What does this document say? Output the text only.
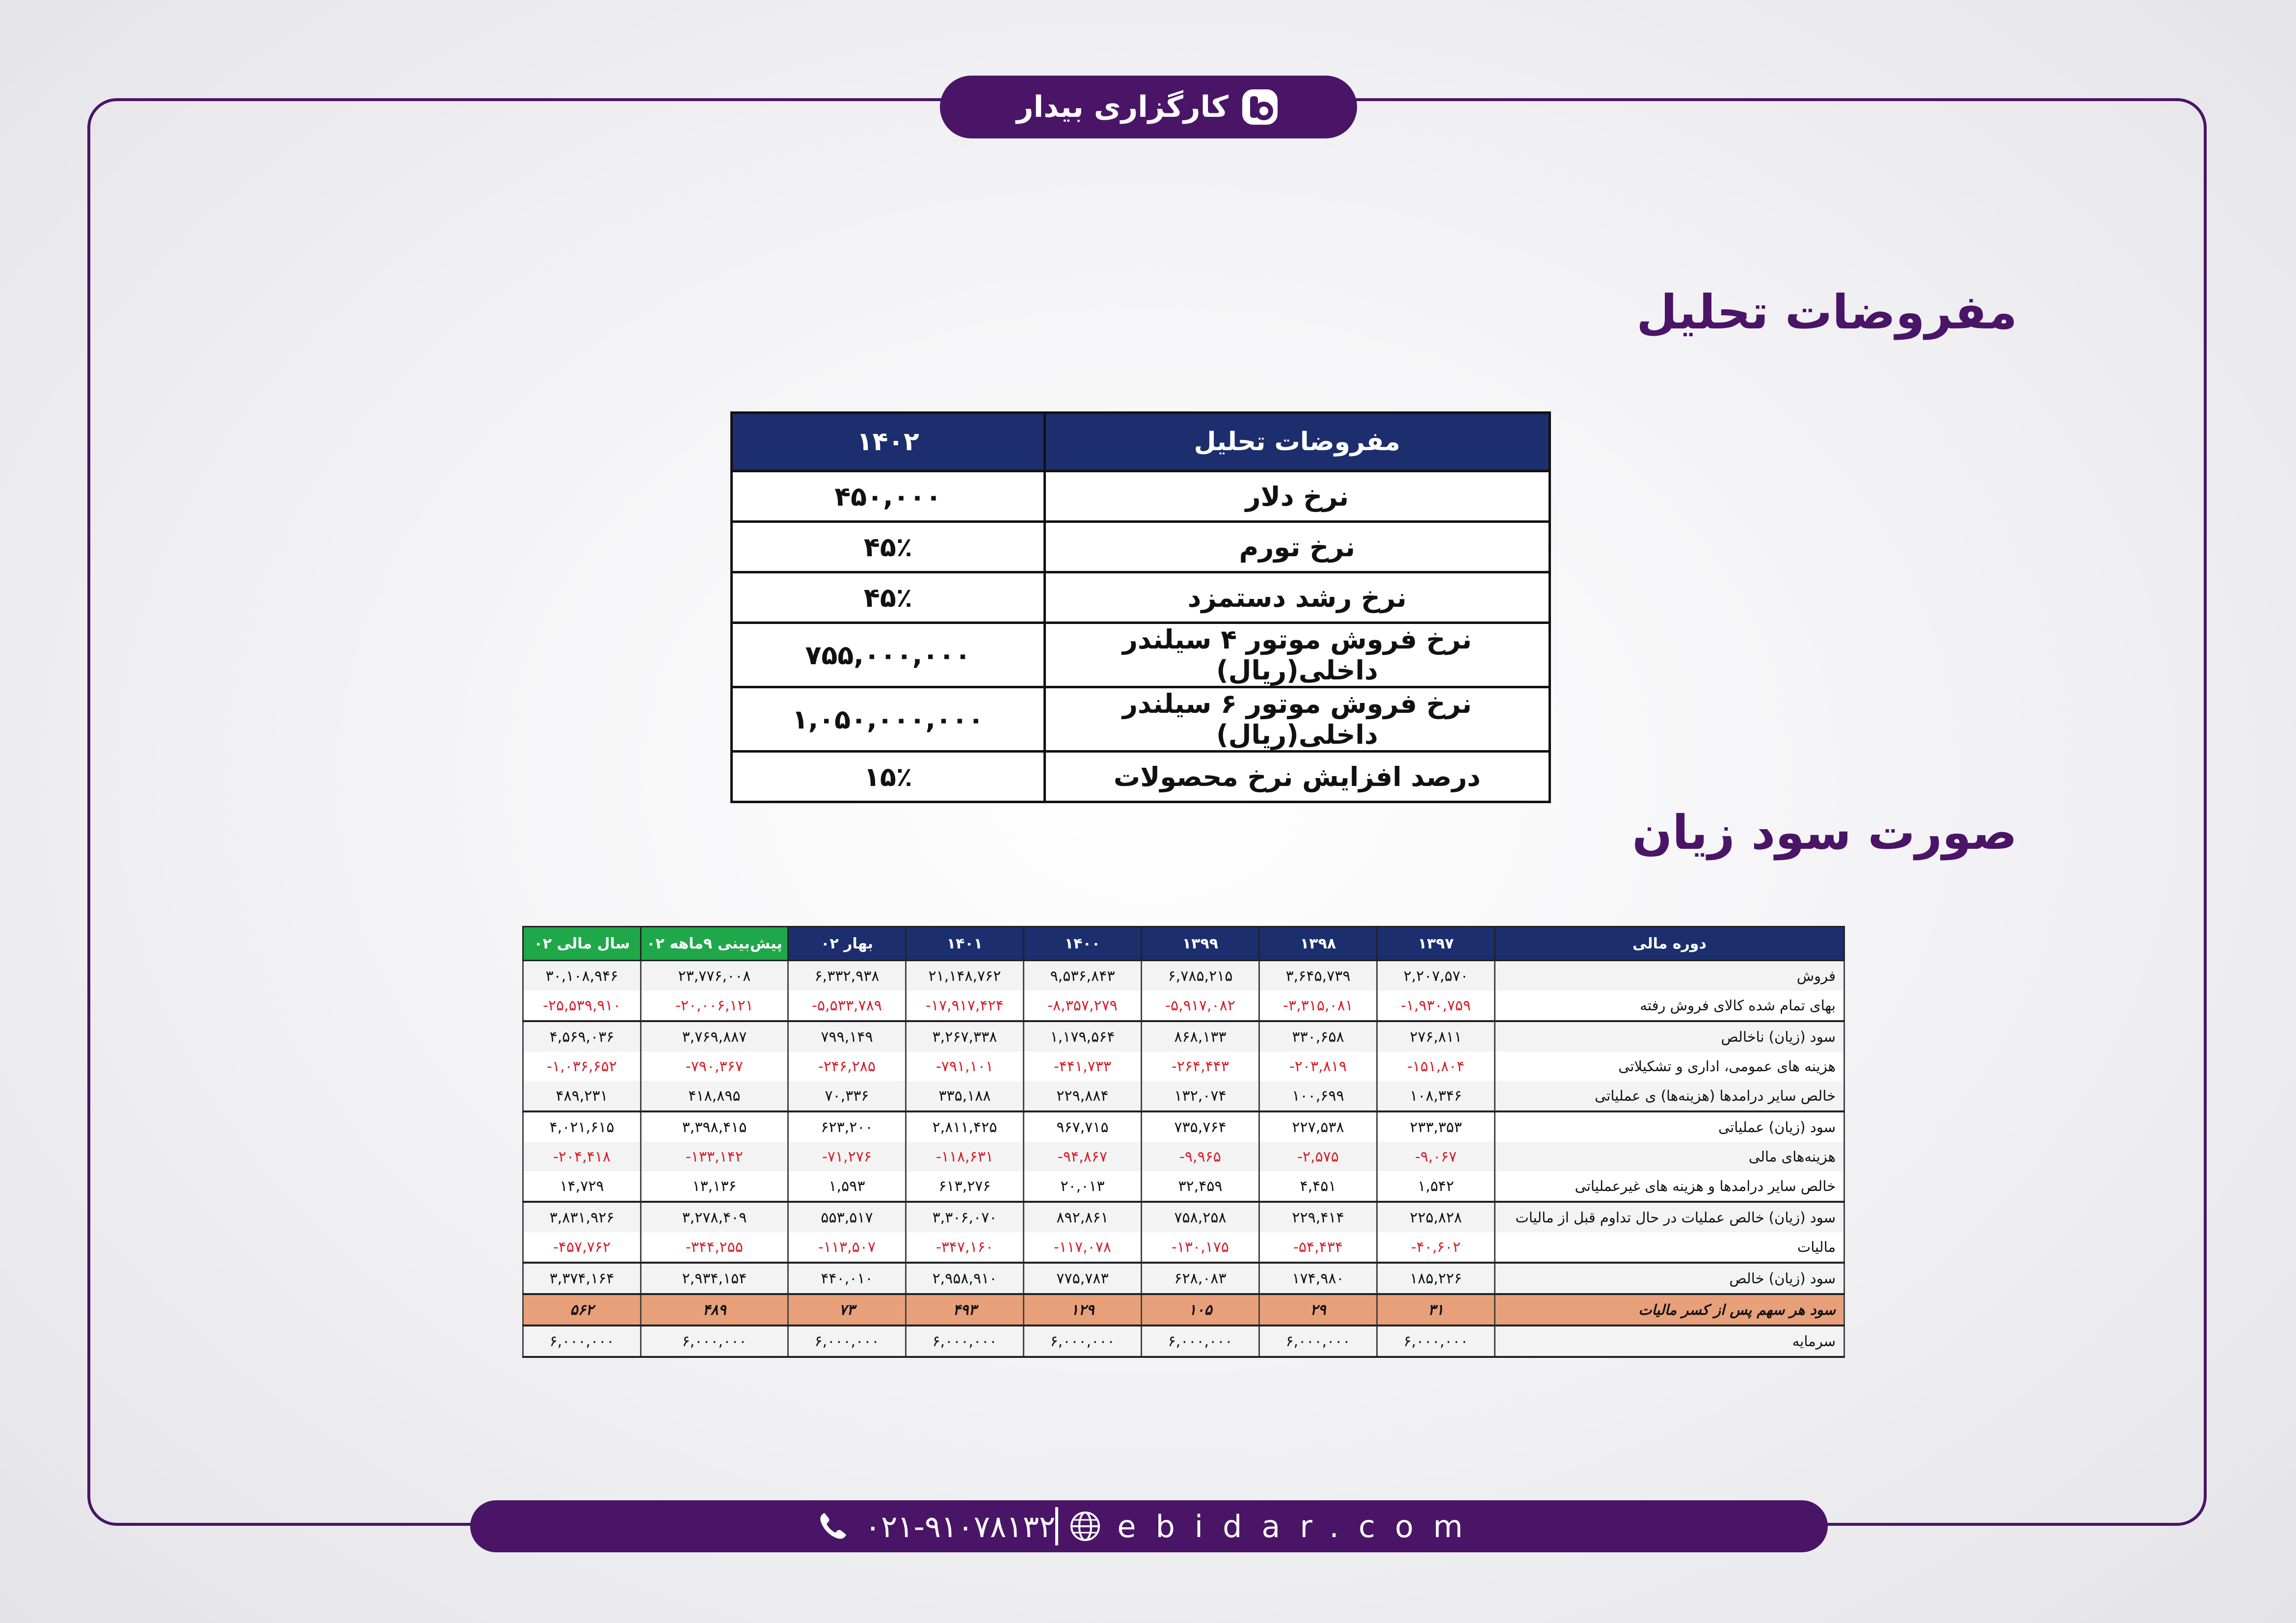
کارگزاری بیدار
مفروضات تحلیل
مفروضات تحلیل	۱۴۰۲
نرخ دلار	۴۵۰,۰۰۰
نرخ تورم	۴۵٪
نرخ رشد دستمزد	۴۵٪
نرخ فروش موتور ۴ سیلندر داخلی(ریال)	۷۵۵,۰۰۰,۰۰۰
نرخ فروش موتور ۶ سیلندر داخلی(ریال)	۱,۰۵۰,۰۰۰,۰۰۰
درصد افزایش نرخ محصولات	۱۵٪
صورت سود زیان
دوره مالی	۱۳۹۷	۱۳۹۸	۱۳۹۹	۱۴۰۰	۱۴۰۱	بهار ۰۲	پیش‌بینی ۹ماهه ۰۲	سال مالی ۰۲
فروش	۲,۲۰۷,۵۷۰	۳,۶۴۵,۷۳۹	۶,۷۸۵,۲۱۵	۹,۵۳۶,۸۴۳	۲۱,۱۴۸,۷۶۲	۶,۳۳۲,۹۳۸	۲۳,۷۷۶,۰۰۸	۳۰,۱۰۸,۹۴۶
بهای تمام شده کالای فروش رفته	-۱,۹۳۰,۷۵۹	-۳,۳۱۵,۰۸۱	-۵,۹۱۷,۰۸۲	-۸,۳۵۷,۲۷۹	-۱۷,۹۱۷,۴۲۴	-۵,۵۳۳,۷۸۹	-۲۰,۰۰۶,۱۲۱	-۲۵,۵۳۹,۹۱۰
سود (زیان) ناخالص	۲۷۶,۸۱۱	۳۳۰,۶۵۸	۸۶۸,۱۳۳	۱,۱۷۹,۵۶۴	۳,۲۶۷,۳۳۸	۷۹۹,۱۴۹	۳,۷۶۹,۸۸۷	۴,۵۶۹,۰۳۶
هزینه های عمومی، اداری و تشکیلاتی	-۱۵۱,۸۰۴	-۲۰۳,۸۱۹	-۲۶۴,۴۴۳	-۴۴۱,۷۳۳	-۷۹۱,۱۰۱	-۲۴۶,۲۸۵	-۷۹۰,۳۶۷	-۱,۰۳۶,۶۵۲
خالص سایر درامدها (هزینه‌ها) ی عملیاتی	۱۰۸,۳۴۶	۱۰۰,۶۹۹	۱۳۲,۰۷۴	۲۲۹,۸۸۴	۳۳۵,۱۸۸	۷۰,۳۳۶	۴۱۸,۸۹۵	۴۸۹,۲۳۱
سود (زیان) عملیاتی	۲۳۳,۳۵۳	۲۲۷,۵۳۸	۷۳۵,۷۶۴	۹۶۷,۷۱۵	۲,۸۱۱,۴۲۵	۶۲۳,۲۰۰	۳,۳۹۸,۴۱۵	۴,۰۲۱,۶۱۵
هزینه‌های مالی	-۹,۰۶۷	-۲,۵۷۵	-۹,۹۶۵	-۹۴,۸۶۷	-۱۱۸,۶۳۱	-۷۱,۲۷۶	-۱۳۳,۱۴۲	-۲۰۴,۴۱۸
خالص سایر درامدها و هزینه های غیرعملیاتی	۱,۵۴۲	۴,۴۵۱	۳۲,۴۵۹	۲۰,۰۱۳	۶۱۳,۲۷۶	۱,۵۹۳	۱۳,۱۳۶	۱۴,۷۲۹
سود (زیان) خالص عملیات در حال تداوم قبل از مالیات	۲۲۵,۸۲۸	۲۲۹,۴۱۴	۷۵۸,۲۵۸	۸۹۲,۸۶۱	۳,۳۰۶,۰۷۰	۵۵۳,۵۱۷	۳,۲۷۸,۴۰۹	۳,۸۳۱,۹۲۶
مالیات	-۴۰,۶۰۲	-۵۴,۴۳۴	-۱۳۰,۱۷۵	-۱۱۷,۰۷۸	-۳۴۷,۱۶۰	-۱۱۳,۵۰۷	-۳۴۴,۲۵۵	-۴۵۷,۷۶۲
سود (زیان) خالص	۱۸۵,۲۲۶	۱۷۴,۹۸۰	۶۲۸,۰۸۳	۷۷۵,۷۸۳	۲,۹۵۸,۹۱۰	۴۴۰,۰۱۰	۲,۹۳۴,۱۵۴	۳,۳۷۴,۱۶۴
سود هر سهم پس از کسر مالیات	۳۱	۲۹	۱۰۵	۱۲۹	۴۹۳	۷۳	۴۸۹	۵۶۲
سرمایه	۶,۰۰۰,۰۰۰	۶,۰۰۰,۰۰۰	۶,۰۰۰,۰۰۰	۶,۰۰۰,۰۰۰	۶,۰۰۰,۰۰۰	۶,۰۰۰,۰۰۰	۶,۰۰۰,۰۰۰	۶,۰۰۰,۰۰۰
ebidar.com
۰۲۱-۹۱۰۷۸۱۳۲
